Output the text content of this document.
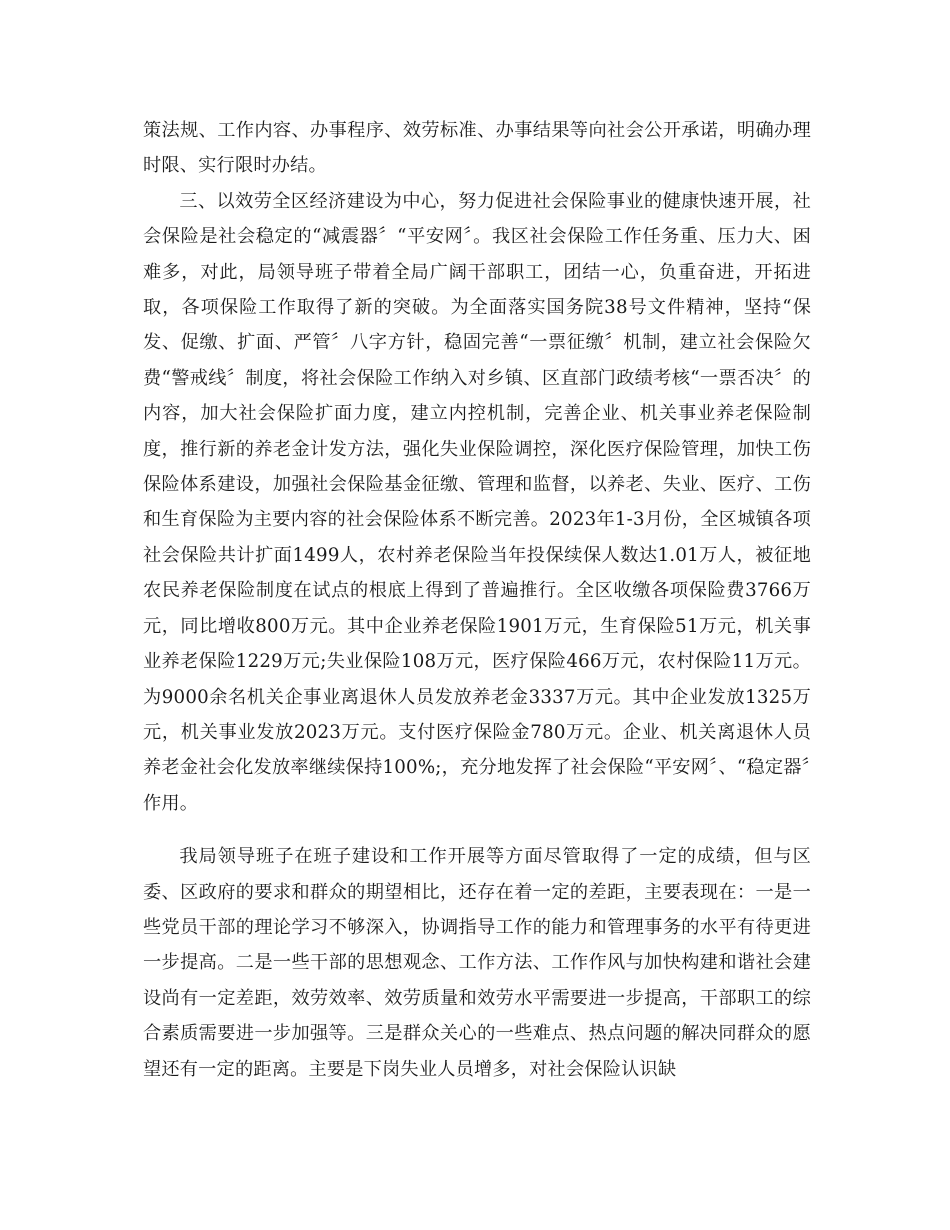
策法规、工作内容、办事程序、效劳标准、办事结果等向社会公开承诺，明确办理时限、实行限时办结。

三、以效劳全区经济建设为中心，努力促进社会保险事业的健康快速开展，社会保险是社会稳定的“减震器〞“平安网〞。我区社会保险工作任务重、压力大、困难多，对此，局领导班子带着全局广阔干部职工，团结一心，负重奋进，开拓进取，各项保险工作取得了新的突破。为全面落实国务院38号文件精神，坚持“保发、促缴、扩面、严管〞八字方针，稳固完善“一票征缴〞机制，建立社会保险欠费“警戒线〞制度，将社会保险工作纳入对乡镇、区直部门政绩考核“一票否决〞的内容，加大社会保险扩面力度，建立内控机制，完善企业、机关事业养老保险制度，推行新的养老金计发方法，强化失业保险调控，深化医疗保险管理，加快工伤保险体系建设，加强社会保险基金征缴、管理和监督，以养老、失业、医疗、工伤和生育保险为主要内容的社会保险体系不断完善。2023年1-3月份，全区城镇各项社会保险共计扩面1499人，农村养老保险当年投保续保人数达1.01万人，被征地农民养老保险制度在试点的根底上得到了普遍推行。全区收缴各项保险费3766万元，同比增收800万元。其中企业养老保险1901万元，生育保险51万元，机关事业养老保险1229万元;失业保险108万元，医疗保险466万元，农村保险11万元。为9000余名机关企事业离退休人员发放养老金3337万元。其中企业发放1325万元，机关事业发放2023万元。支付医疗保险金780万元。企业、机关离退休人员养老金社会化发放率继续保持100%;，充分地发挥了社会保险“平安网〞、“稳定器〞作用。

我局领导班子在班子建设和工作开展等方面尽管取得了一定的成绩，但与区委、区政府的要求和群众的期望相比，还存在着一定的差距，主要表现在：一是一些党员干部的理论学习不够深入，协调指导工作的能力和管理事务的水平有待更进一步提高。二是一些干部的思想观念、工作方法、工作作风与加快构建和谐社会建设尚有一定差距，效劳效率、效劳质量和效劳水平需要进一步提高，干部职工的综合素质需要进一步加强等。三是群众关心的一些难点、热点问题的解决同群众的愿望还有一定的距离。主要是下岗失业人员增多，对社会保险认识缺
